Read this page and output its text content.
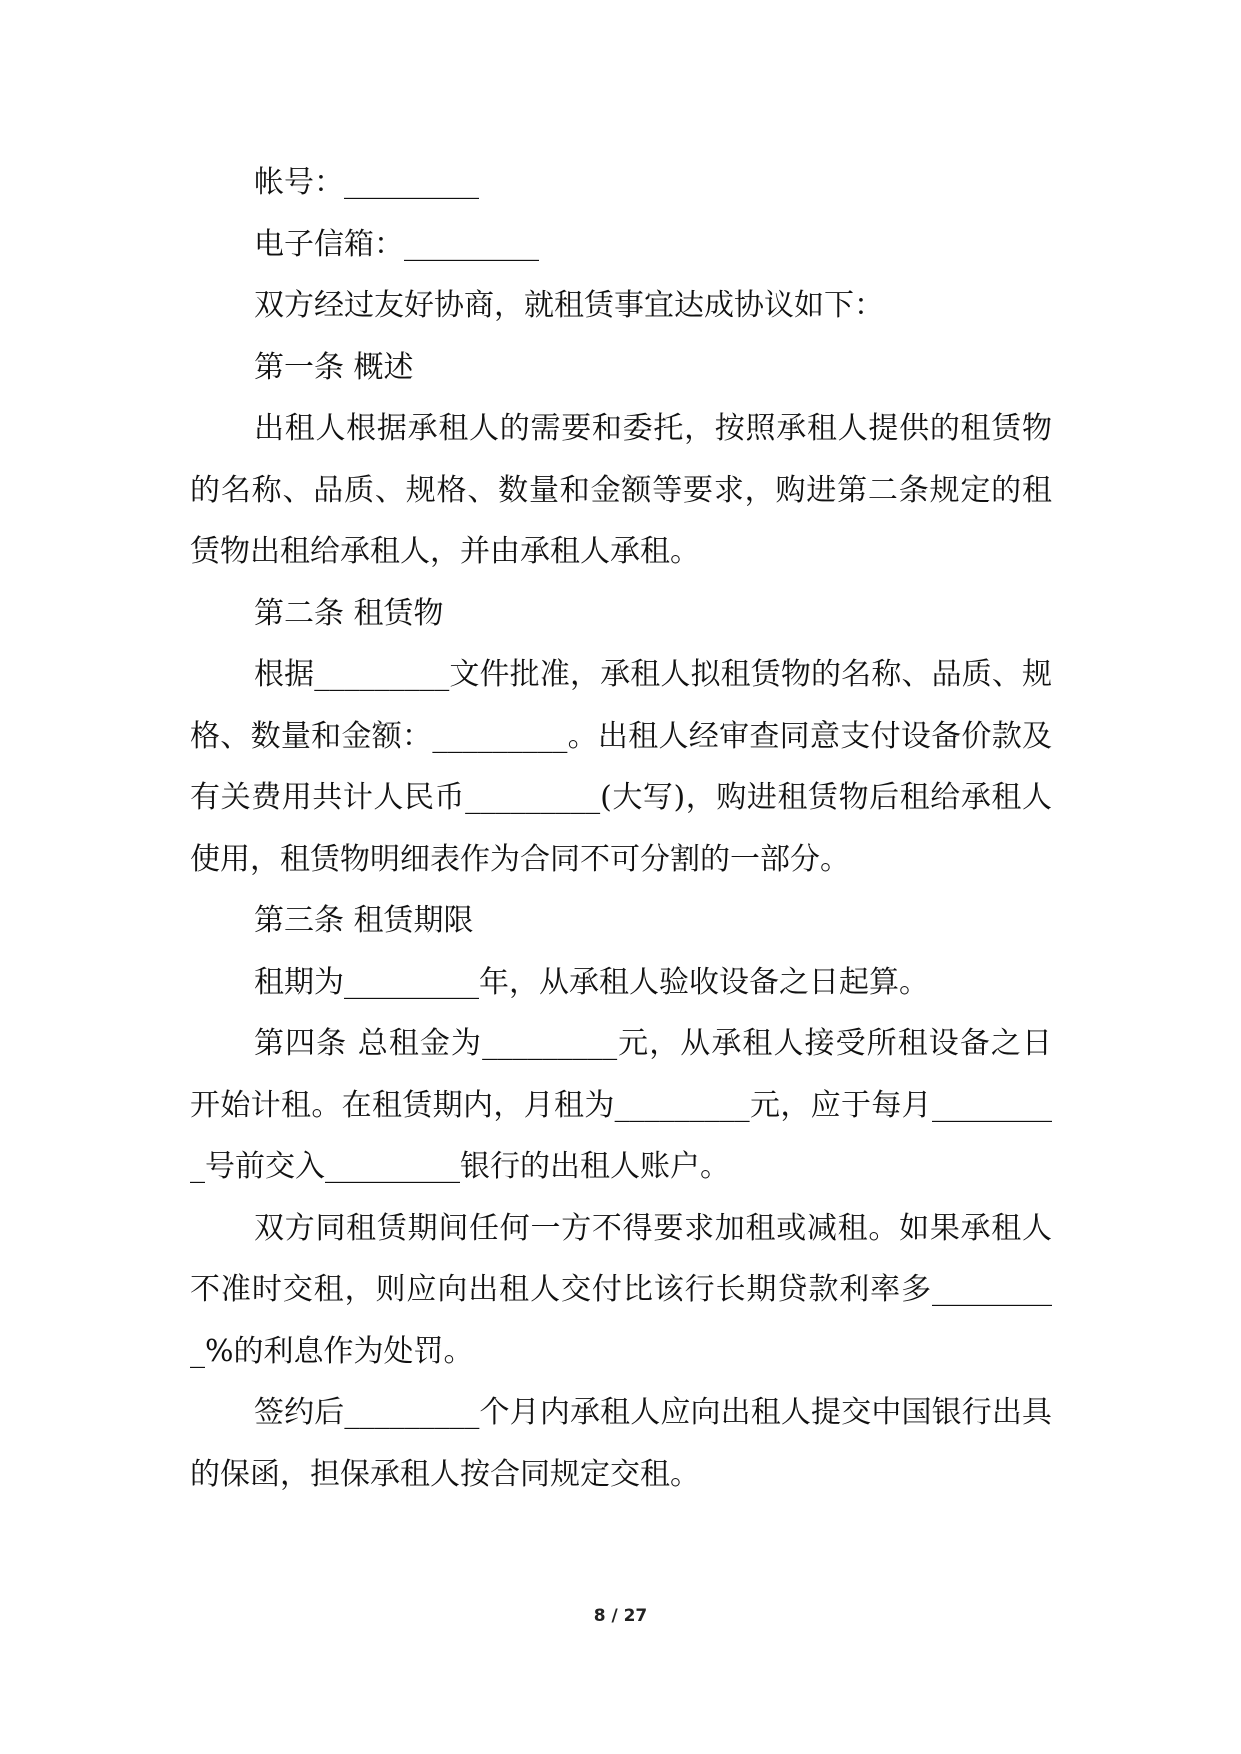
帐号：_________

电子信箱：_________

双方经过友好协商，就租赁事宜达成协议如下：

第一条 概述

出租人根据承租人的需要和委托，按照承租人提供的租赁物的名称、品质、规格、数量和金额等要求，购进第二条规定的租赁物出租给承租人，并由承租人承租。

第二条 租赁物

根据_________文件批准，承租人拟租赁物的名称、品质、规格、数量和金额：_________。出租人经审查同意支付设备价款及有关费用共计人民币_________(大写)，购进租赁物后租给承租人使用，租赁物明细表作为合同不可分割的一部分。

第三条 租赁期限

租期为_________年，从承租人验收设备之日起算。

第四条 总租金为_________元，从承租人接受所租设备之日开始计租。在租赁期内，月租为_________元，应于每月_________号前交入_________银行的出租人账户。

双方同租赁期间任何一方不得要求加租或减租。如果承租人不准时交租，则应向出租人交付比该行长期贷款利率多_________%的利息作为处罚。

签约后_________个月内承租人应向出租人提交中国银行出具的保函，担保承租人按合同规定交租。

8 / 27
